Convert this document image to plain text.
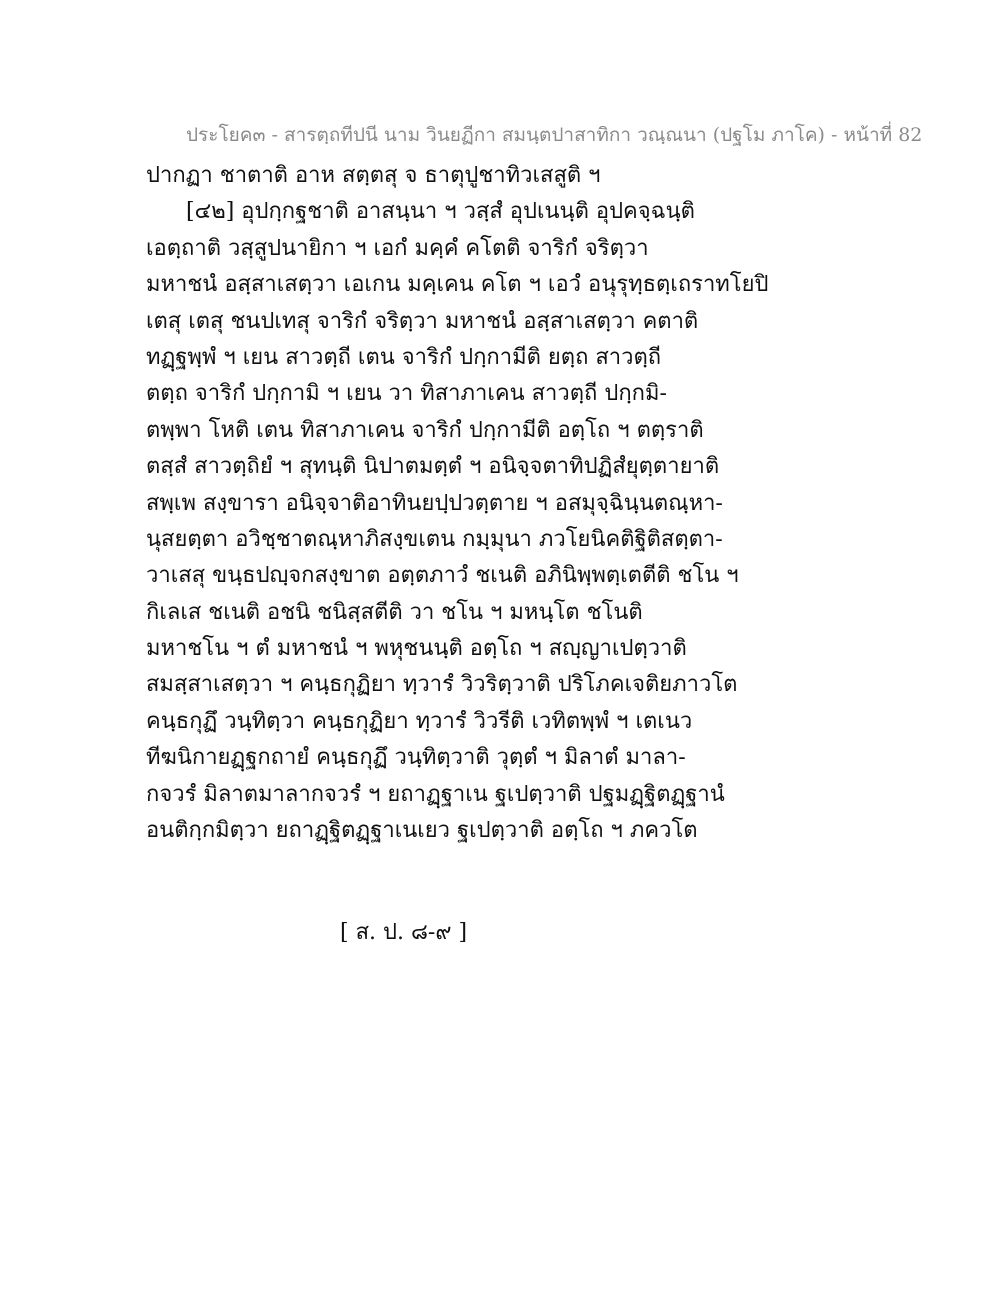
ประโยค๓ - สารตฺถทีปนี นาม วินยฏีกา สมนฺตปาสาทิกา วณฺณนา (ปฐโม ภาโค) - หน้าที่ 82
ปากฏา ชาตาติ อาห สตฺตสุ จ ธาตุปูชาทิวเสสูติ ฯ
[๔๒] อุปกฺกฐชาติ อาสนฺนา ฯ วสฺสํ อุปเนนฺติ อุปคจฺฉนฺติ
เอตฺถาติ วสฺสูปนายิกา ฯ เอกํ มคฺคํ คโตติ จาริกํ จริตฺวา
มหาชนํ อสฺสาเสตฺวา เอเกน มคฺเคน คโต ฯ เอวํ อนุรุทฺธตฺเถราทโยปิ
เตสุ เตสุ ชนปเทสุ จาริกํ จริตฺวา มหาชนํ อสฺสาเสตฺวา คตาติ
ทฏฺฐพฺพํ ฯ เยน สาวตฺถี เตน จาริกํ ปกฺกามีติ ยตฺถ สาวตฺถี
ตตฺถ จาริกํ ปกฺกามิ ฯ เยน วา ทิสาภาเคน สาวตฺถี ปกฺกมิ-
ตพฺพา โหติ เตน ทิสาภาเคน จาริกํ ปกฺกามีติ อตฺโถ ฯ ตตฺราติ
ตสฺสํ สาวตฺถิยํ ฯ สุทนฺติ นิปาตมตฺตํ ฯ อนิจฺจตาทิปฏิสํยุตฺตายาติ
สพฺเพ สงฺขารา อนิจฺจาติอาทินยปฺปวตฺตาย ฯ อสมุจฺฉินฺนตณฺหา-
นุสยตฺตา อวิชฺชาตณฺหาภิสงฺขเตน กมฺมุนา ภวโยนิคติฐิติสตฺตา-
วาเสสุ ขนฺธปญฺจกสงฺขาต อตฺตภาวํ ชเนติ อภินิพฺพตฺเตตีติ ชโน ฯ
กิเลเส ชเนติ อชนิ ชนิสฺสตีติ วา ชโน ฯ มหนฺโต ชโนติ
มหาชโน ฯ ตํ มหาชนํ ฯ พหุชนนฺติ อตฺโถ ฯ สญฺญาเปตฺวาติ
สมสฺสาเสตฺวา ฯ คนฺธกุฏิยา ทฺวารํ วิวริตฺวาติ ปริโภคเจติยภาวโต
คนฺธกุฏึ วนฺทิตฺวา คนฺธกุฏิยา ทฺวารํ วิวรีติ เวทิตพฺพํ ฯ เตเนว
ทีฆนิกายฏฺฐกถายํ คนฺธกุฏึ วนฺทิตฺวาติ วุตฺตํ ฯ มิลาตํ มาลา-
กจวรํ มิลาตมาลากจวรํ ฯ ยถาฏฺฐาเน ฐเปตฺวาติ ปฐมฏฺฐิตฏฺฐานํ
อนติกฺกมิตฺวา ยถาฏฺฐิตฏฺฐาเนเยว ฐเปตฺวาติ อตฺโถ ฯ ภควโต
[ ส. ป. ๘-๙ ]
